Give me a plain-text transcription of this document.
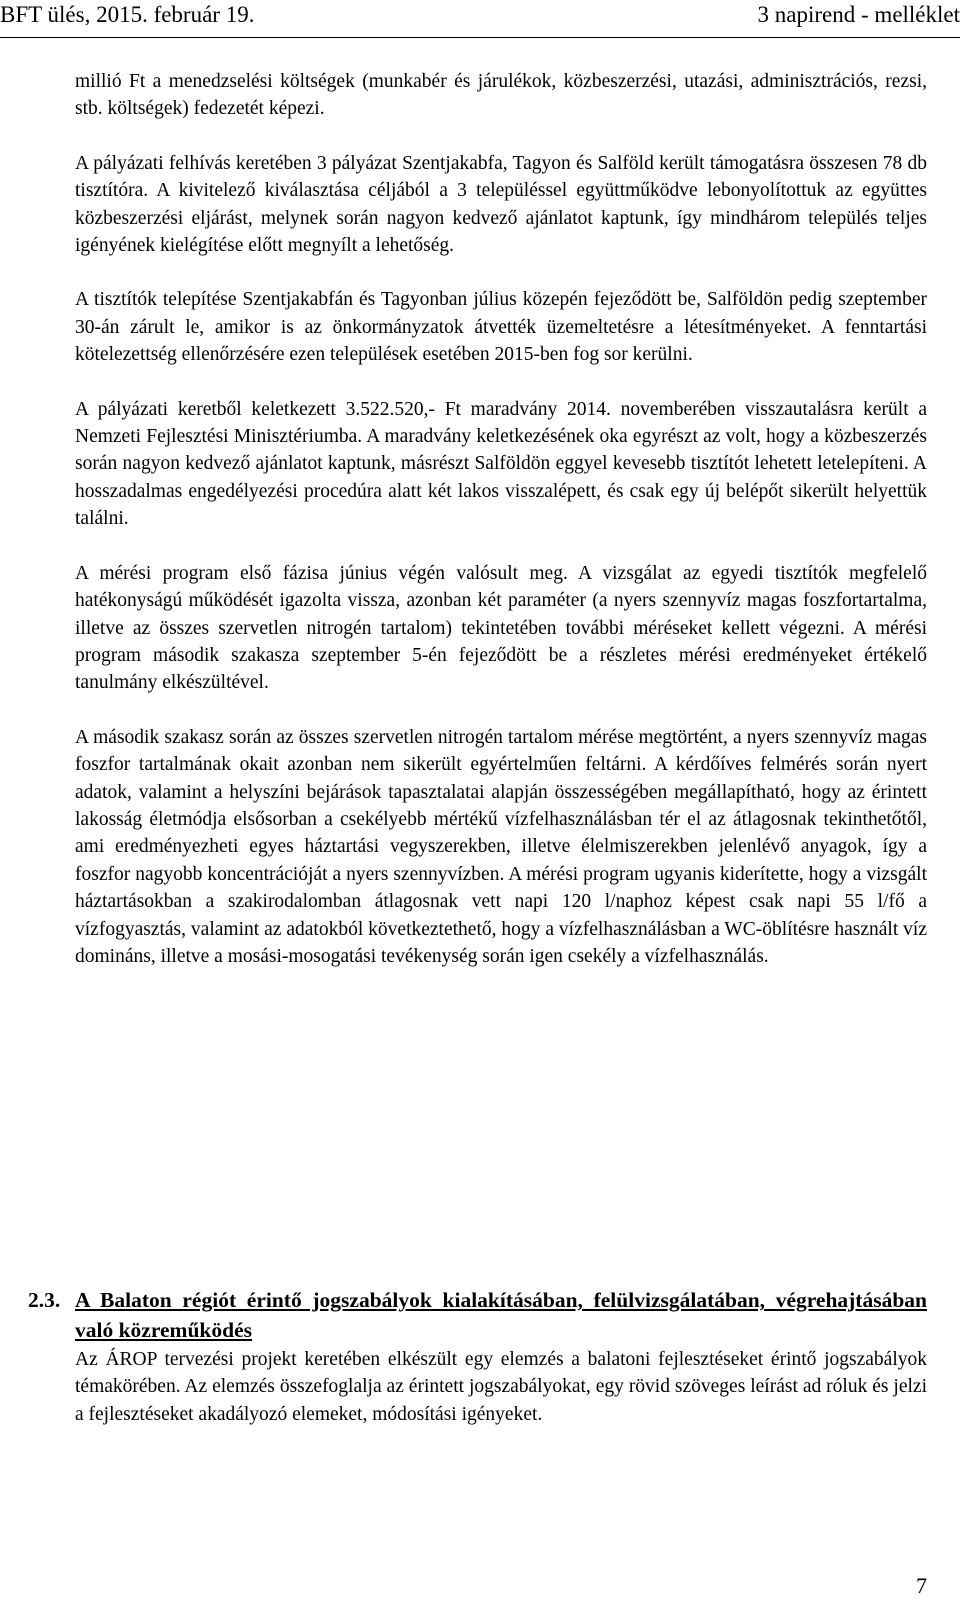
BFT ülés, 2015. február 19.	3 napirend - melléklet

millió Ft a menedzselési költségek (munkabér és járulékok, közbeszerzési, utazási, adminisztrációs, rezsi, stb. költségek) fedezetét képezi.

A pályázati felhívás keretében 3 pályázat Szentjakabfa, Tagyon és Salföld került támogatásra összesen 78 db tisztítóra. A kivitelező kiválasztása céljából a 3 településsel együttműködve lebonyolítottuk az együttes közbeszerzési eljárást, melynek során nagyon kedvező ajánlatot kaptunk, így mindhárom település teljes igényének kielégítése előtt megnyílt a lehetőség.

A tisztítók telepítése Szentjakabfán és Tagyonban július közepén fejeződött be, Salföldön pedig szeptember 30-án zárult le, amikor is az önkormányzatok átvették üzemeltetésre a létesítményeket. A fenntartási kötelezettség ellenőrzésére ezen települések esetében 2015-ben fog sor kerülni.

A pályázati keretből keletkezett 3.522.520,- Ft maradvány 2014. novemberében visszautalásra került a Nemzeti Fejlesztési Minisztériumba. A maradvány keletkezésének oka egyrészt az volt, hogy a közbeszerzés során nagyon kedvező ajánlatot kaptunk, másrészt Salföldön eggyel kevesebb tisztítót lehetett letelepíteni. A hosszadalmas engedélyezési procedúra alatt két lakos visszalépett, és csak egy új belépőt sikerült helyettük találni.

A mérési program első fázisa június végén valósult meg. A vizsgálat az egyedi tisztítók megfelelő hatékonyságú működését igazolta vissza, azonban két paraméter (a nyers szennyvíz magas foszfortartalma, illetve az összes szervetlen nitrogén tartalom) tekintetében további méréseket kellett végezni. A mérési program második szakasza szeptember 5-én fejeződött be a részletes mérési eredményeket értékelő tanulmány elkészültével.

A második szakasz során az összes szervetlen nitrogén tartalom mérése megtörtént, a nyers szennyvíz magas foszfor tartalmának okait azonban nem sikerült egyértelműen feltárni. A kérdőíves felmérés során nyert adatok, valamint a helyszíni bejárások tapasztalatai alapján összességében megállapítható, hogy az érintett lakosság életmódja elsősorban a csekélyebb mértékű vízfelhasználásban tér el az átlagosnak tekinthetőtől, ami eredményezheti egyes háztartási vegyszerekben, illetve élelmiszerekben jelenlévő anyagok, így a foszfor nagyobb koncentrációját a nyers szennyvízben. A mérési program ugyanis kiderítette, hogy a vizsgált háztartásokban a szakirodalomban átlagosnak vett napi 120 l/naphoz képest csak napi 55 l/fő a vízfogyasztás, valamint az adatokból következtethető, hogy a vízfelhasználásban a WC-öblítésre használt víz domináns, illetve a mosási-mosogatási tevékenység során igen csekély a vízfelhasználás.

2.3. A Balaton régiót érintő jogszabályok kialakításában, felülvizsgálatában, végrehajtásában való közreműködés

Az ÁROP tervezési projekt keretében elkészült egy elemzés a balatoni fejlesztéseket érintő jogszabályok témakörében. Az elemzés összefoglalja az érintett jogszabályokat, egy rövid szöveges leírást ad róluk és jelzi a fejlesztéseket akadályozó elemeket, módosítási igényeket.

7
